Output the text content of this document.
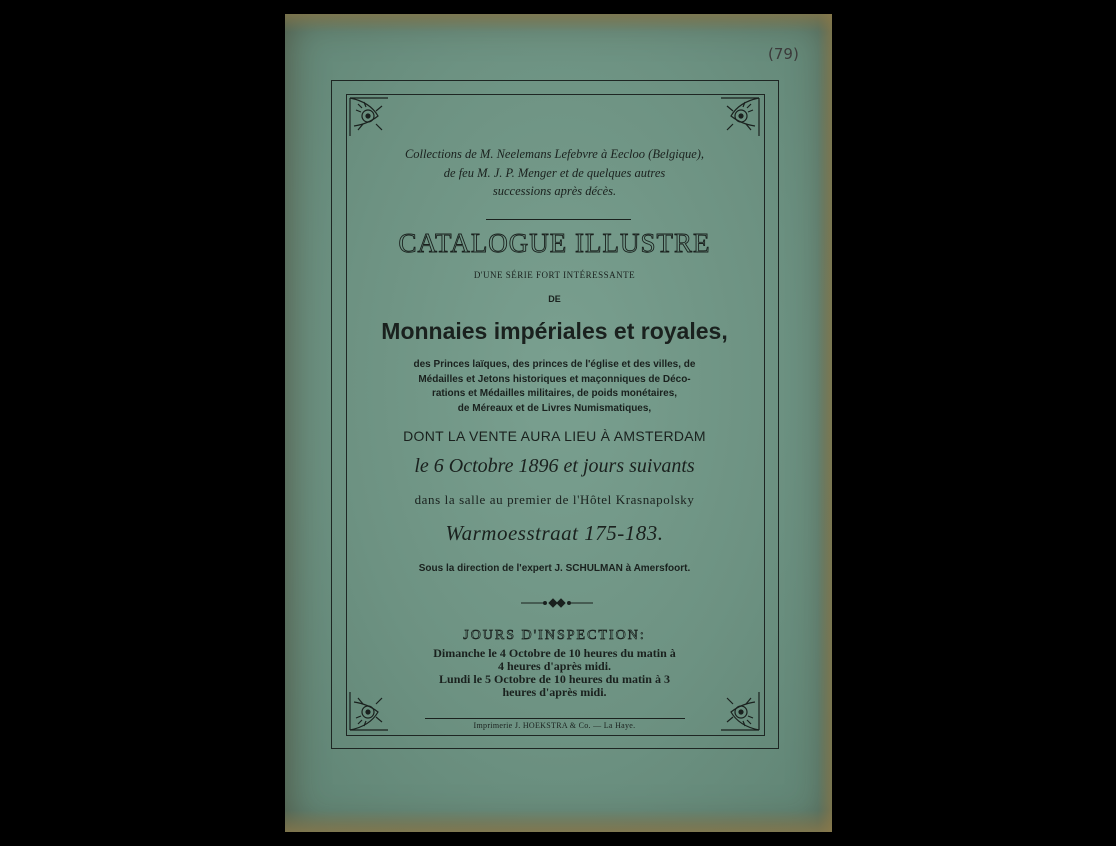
(79)
Collections de M. Neelemans Lefebvre à Eecloo (Belgique),
de feu M. J. P. Menger et de quelques autres
successions après décès.
CATALOGUE ILLUSTRE
D'UNE SÉRIE FORT INTÉRESSANTE
DE
Monnaies impériales et royales,
des Princes laïques, des princes de l'église et des villes, de
Médailles et Jetons historiques et maçonniques de Déco-
rations et Médailles militaires, de poids monétaires,
de Méreaux et de Livres Numismatiques,
DONT LA VENTE AURA LIEU À AMSTERDAM
le 6 Octobre 1896 et jours suivants
dans la salle au premier de l'Hôtel Krasnapolsky
Warmoesstraat 175-183.
Sous la direction de l'expert J. SCHULMAN à Amersfoort.
JOURS D'INSPECTION:
Dimanche le 4 Octobre de 10 heures du matin à
4 heures d'après midi.
Lundi le 5 Octobre de 10 heures du matin à 3
heures d'après midi.
Imprimerie J. HOEKSTRA & Co. — La Haye.
